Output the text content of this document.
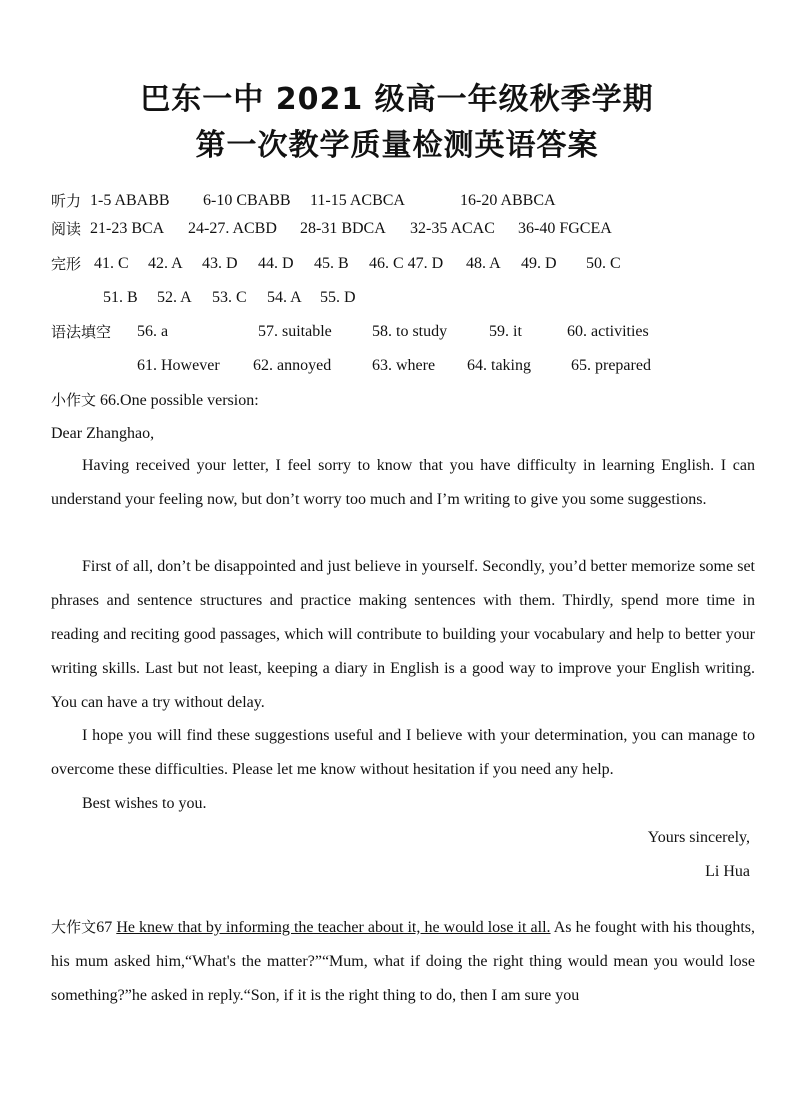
巴东一中 2021 级高一年级秋季学期
第一次教学质量检测英语答案
听力 1-5 ABABB 6-10 CBABB 11-15 ACBCA	16-20 ABBCA
阅读 21-23 BCA 24-27. ACBD 28-31 BDCA 32-35 ACAC 36-40 FGCEA
完形 41. C 42. A 43. D 44. D 45. B 46. C 47. D 48. A 49. D 50. C
51. B 52. A 53. C 54. A 55. D
语法填空 56. a	57. suitable	58. to study	59. it	60. activities
61. However 62. annoyed	63. where 64. taking	65. prepared
小作文 66.One possible version:
Dear Zhanghao,
Having received your letter, I feel sorry to know that you have difficulty in learning English. I can understand your feeling now, but don’t worry too much and I’m writing to give you some suggestions.
First of all, don’t be disappointed and just believe in yourself. Secondly, you’d better memorize some set phrases and sentence structures and practice making sentences with them. Thirdly, spend more time in reading and reciting good passages, which will contribute to building your vocabulary and help to better your writing skills. Last but not least, keeping a diary in English is a good way to improve your English writing. You can have a try without delay.
I hope you will find these suggestions useful and I believe with your determination, you can manage to overcome these difficulties. Please let me know without hesitation if you need any help.
Best wishes to you.
Yours sincerely,
Li Hua
大作文67 He knew that by informing the teacher about it, he would lose it all. As he fought with his thoughts, his mum asked him,“What's the matter?”“Mum, what if doing the right thing would mean you would lose something?”he asked in reply.“Son, if it is the right thing to do, then I am sure you
